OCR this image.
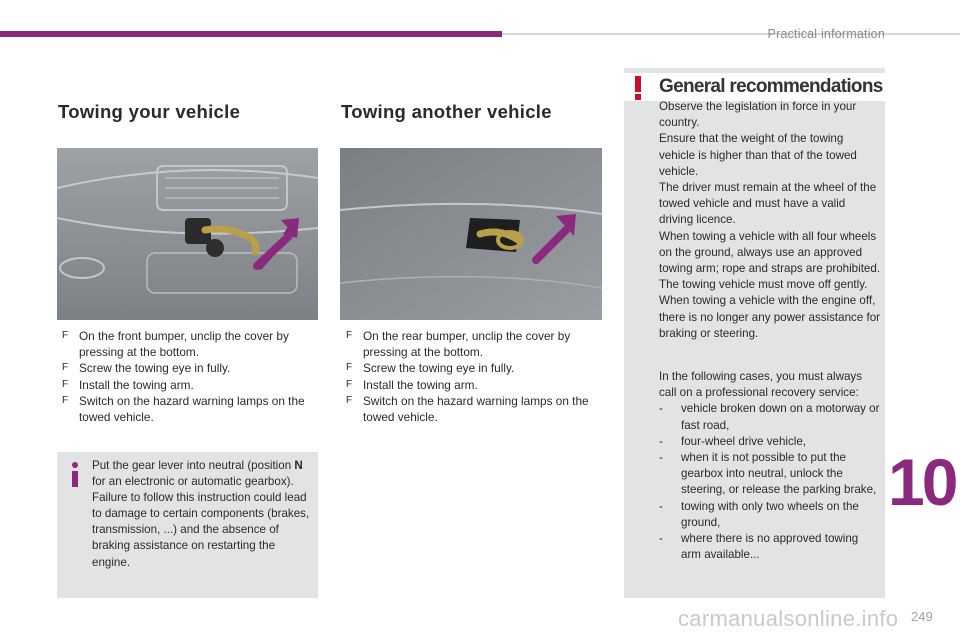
Practical information
Towing your vehicle	Towing another vehicle
F On the front bumper, unclip the cover by pressing at the bottom.
F Screw the towing eye in fully.
F Install the towing arm.
F Switch on the hazard warning lamps on the towed vehicle.
F On the rear bumper, unclip the cover by pressing at the bottom.
F Screw the towing eye in fully.
F Install the towing arm.
F Switch on the hazard warning lamps on the towed vehicle.
Put the gear lever into neutral (position N for an electronic or automatic gearbox).
Failure to follow this instruction could lead to damage to certain components (brakes, transmission, ...) and the absence of braking assistance on restarting the engine.
General recommendations
Observe the legislation in force in your country.
Ensure that the weight of the towing vehicle is higher than that of the towed vehicle.
The driver must remain at the wheel of the towed vehicle and must have a valid driving licence.
When towing a vehicle with all four wheels on the ground, always use an approved towing arm; rope and straps are prohibited.
The towing vehicle must move off gently.
When towing a vehicle with the engine off, there is no longer any power assistance for braking or steering.
In the following cases, you must always call on a professional recovery service:
- vehicle broken down on a motorway or fast road,
- four-wheel drive vehicle,
- when it is not possible to put the gearbox into neutral, unlock the steering, or release the parking brake,
- towing with only two wheels on the ground,
- where there is no approved towing arm available...
10
carmanualsonline.info 249
